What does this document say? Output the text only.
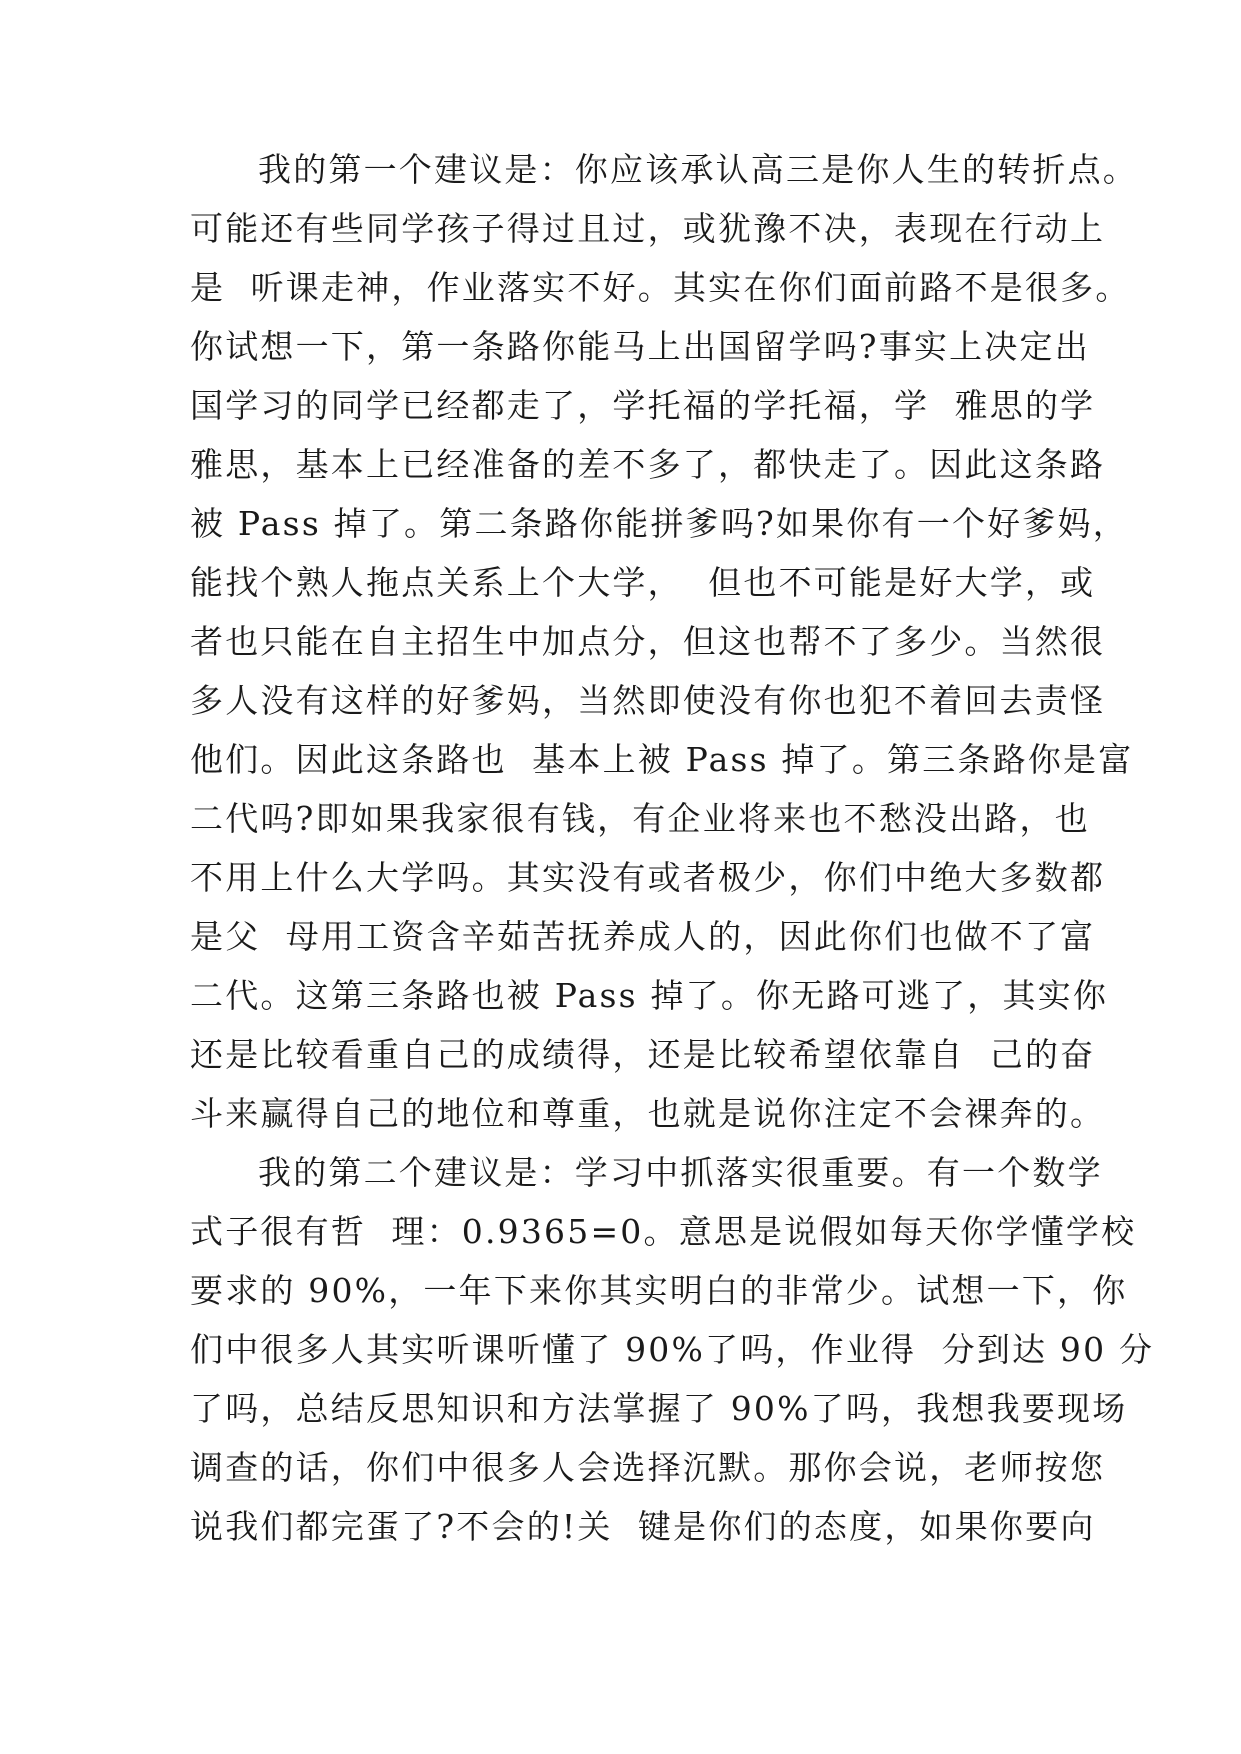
我的第一个建议是：你应该承认高三是你人生的转折点。
可能还有些同学孩子得过且过，或犹豫不决，表现在行动上
是  听课走神，作业落实不好。其实在你们面前路不是很多。
你试想一下，第一条路你能马上出国留学吗?事实上决定出
国学习的同学已经都走了，学托福的学托福，学  雅思的学
雅思，基本上已经准备的差不多了，都快走了。因此这条路
被 Pass 掉了。第二条路你能拼爹吗?如果你有一个好爹妈，
能找个熟人拖点关系上个大学，  但也不可能是好大学，或
者也只能在自主招生中加点分，但这也帮不了多少。当然很
多人没有这样的好爹妈，当然即使没有你也犯不着回去责怪
他们。因此这条路也  基本上被 Pass 掉了。第三条路你是富
二代吗?即如果我家很有钱，有企业将来也不愁没出路，也
不用上什么大学吗。其实没有或者极少，你们中绝大多数都
是父  母用工资含辛茹苦抚养成人的，因此你们也做不了富
二代。这第三条路也被 Pass 掉了。你无路可逃了，其实你
还是比较看重自己的成绩得，还是比较希望依靠自  己的奋
斗来赢得自己的地位和尊重，也就是说你注定不会裸奔的。
我的第二个建议是：学习中抓落实很重要。有一个数学
式子很有哲  理：0.9365=0。意思是说假如每天你学懂学校
要求的 90%，一年下来你其实明白的非常少。试想一下，你
们中很多人其实听课听懂了 90%了吗，作业得  分到达 90 分
了吗，总结反思知识和方法掌握了 90%了吗，我想我要现场
调查的话，你们中很多人会选择沉默。那你会说，老师按您
说我们都完蛋了?不会的!关  键是你们的态度，如果你要向
